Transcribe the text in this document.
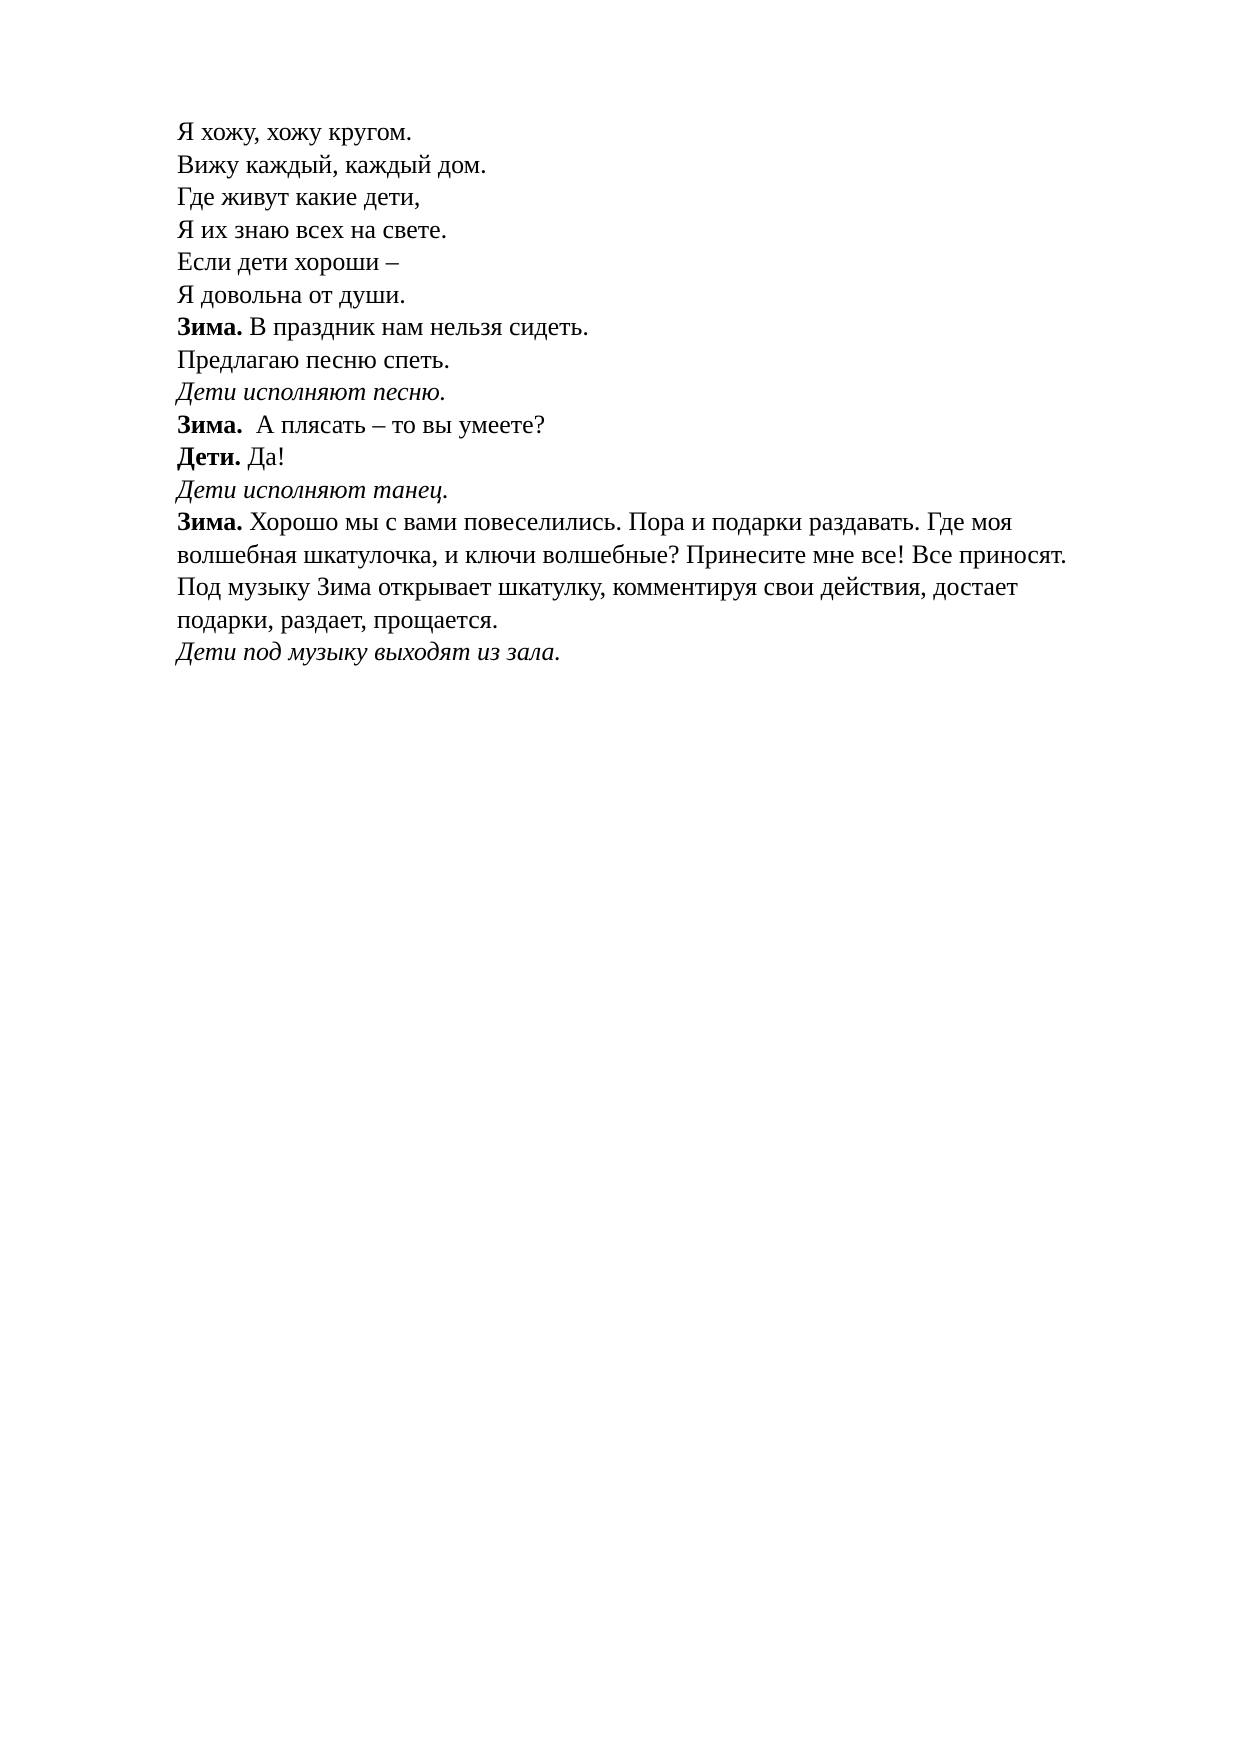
Я хожу, хожу кругом.
Вижу каждый, каждый дом.
Где живут какие дети,
Я их знаю всех на свете.
Если дети хороши –
Я довольна от души.
Зима. В праздник нам нельзя сидеть.
Предлагаю песню спеть.
Дети исполняют песню.
Зима.  А плясать – то вы умеете?
Дети. Да!
Дети исполняют танец.
Зима. Хорошо мы с вами повеселились. Пора и подарки раздавать. Где моя
волшебная шкатулочка, и ключи волшебные? Принесите мне все! Все приносят.
Под музыку Зима открывает шкатулку, комментируя свои действия, достает
подарки, раздает, прощается.
Дети под музыку выходят из зала.
